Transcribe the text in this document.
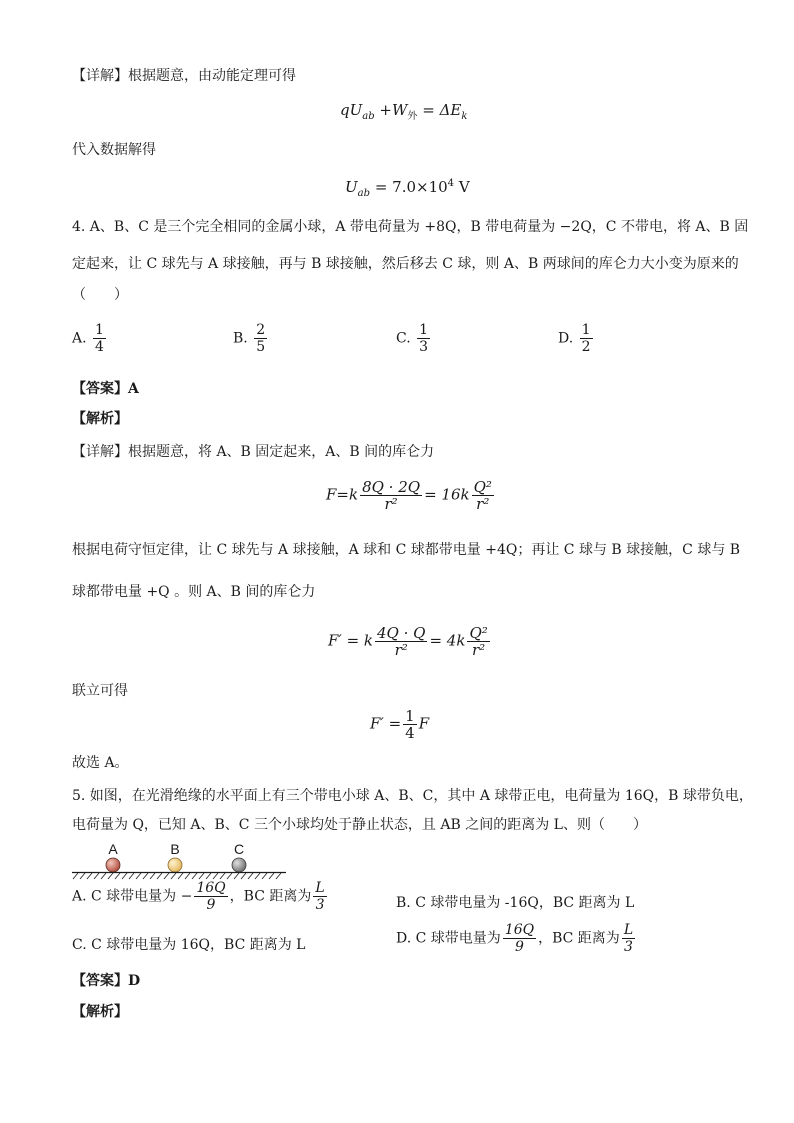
【详解】根据题意，由动能定理可得
$qU_{ab} +W_外 = \Delta E_k$
代入数据解得
$U_{ab} = 7.0\times 10^4$ V
4. A、B、C 是三个完全相同的金属小球，A 带电荷量为 +8Q，B 带电荷量为 −2Q，C 不带电，将 A、B 固
定起来，让 C 球先与 A 球接触，再与 B 球接触，然后移去 C 球，则 A、B 两球间的库仑力大小变为原来的
（　　）
A. $\frac{1}{4}$	B. $\frac{2}{5}$	C. $\frac{1}{3}$	D. $\frac{1}{2}$
【答案】A
【解析】
【详解】根据题意，将 A、B 固定起来，A、B 间的库仑力
$F=k \frac{8Q \cdot 2Q}{\text{r²}} = 16k \frac{\text{Q²}}{\text{r²}}$
根据电荷守恒定律，让 C 球先与 A 球接触，A 球和 C 球都带电量 +4Q；再让 C 球与 B 球接触，C 球与 B
球都带电量 +Q 。则 A、B 间的库仑力
F′ = k $\frac{4Q \cdot Q}{\text{r²}} = 4k \frac{\text{Q²}}{\text{r²}}$
联立可得
$F' = \frac{1}{4}$ F
故选 A。
5. 如图，在光滑绝缘的水平面上有三个带电小球 A、B、C，其中 A 球带正电，电荷量为 16Q，B 球带负电，
电荷量为 Q，已知 A、B、C 三个小球均处于静止状态，且 AB 之间的距离为 L、则（　　）
A	B	C
A. C 球带电量为 − $\frac{16Q}{9}$ ，BC 距离为 $\frac{L}{3}$	B. C 球带电量为 -16Q，BC 距离为 L
C. C 球带电量为 16Q，BC 距离为 L	D. C 球带电量为 $\frac{16Q}{9}$ ，BC 距离为 $\frac{L}{3}$
【答案】D
【解析】
